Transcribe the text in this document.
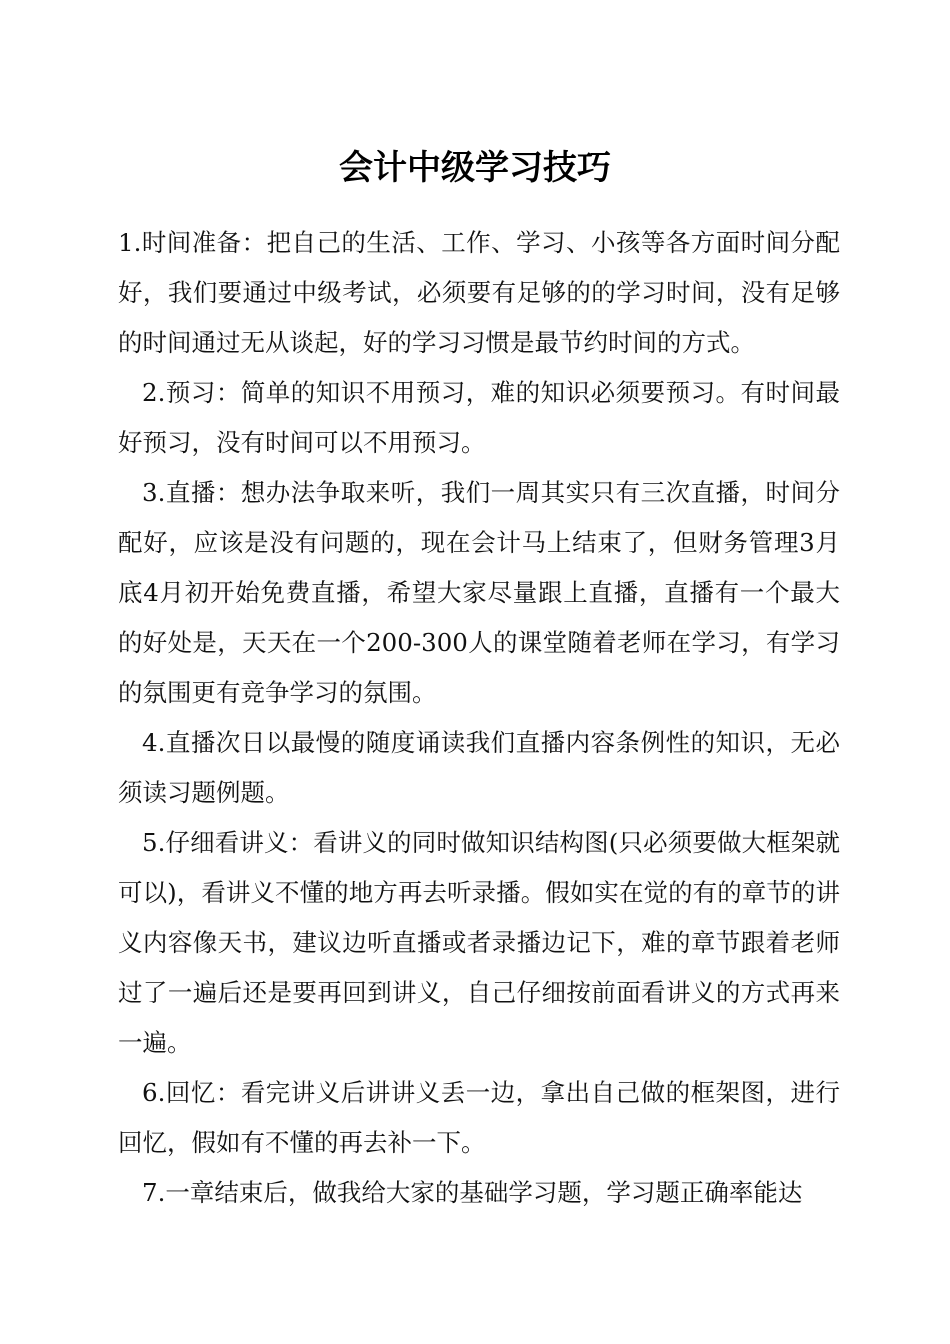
会计中级学习技巧

1.时间准备：把自己的生活、工作、学习、小孩等各方面时间分配好，我们要通过中级考试，必须要有足够的的学习时间，没有足够的时间通过无从谈起，好的学习习惯是最节约时间的方式。

2.预习：简单的知识不用预习，难的知识必须要预习。有时间最好预习，没有时间可以不用预习。

3.直播：想办法争取来听，我们一周其实只有三次直播，时间分配好，应该是没有问题的，现在会计马上结束了，但财务管理3月底4月初开始免费直播，希望大家尽量跟上直播，直播有一个最大的好处是，天天在一个200-300人的课堂随着老师在学习，有学习的氛围更有竞争学习的氛围。

4.直播次日以最慢的随度诵读我们直播内容条例性的知识，无必须读习题例题。

5.仔细看讲义：看讲义的同时做知识结构图(只必须要做大框架就可以)，看讲义不懂的地方再去听录播。假如实在觉的有的章节的讲义内容像天书，建议边听直播或者录播边记下，难的章节跟着老师过了一遍后还是要再回到讲义，自己仔细按前面看讲义的方式再来一遍。

6.回忆：看完讲义后讲讲义丢一边，拿出自己做的框架图，进行回忆，假如有不懂的再去补一下。

7.一章结束后，做我给大家的基础学习题，学习题正确率能达
